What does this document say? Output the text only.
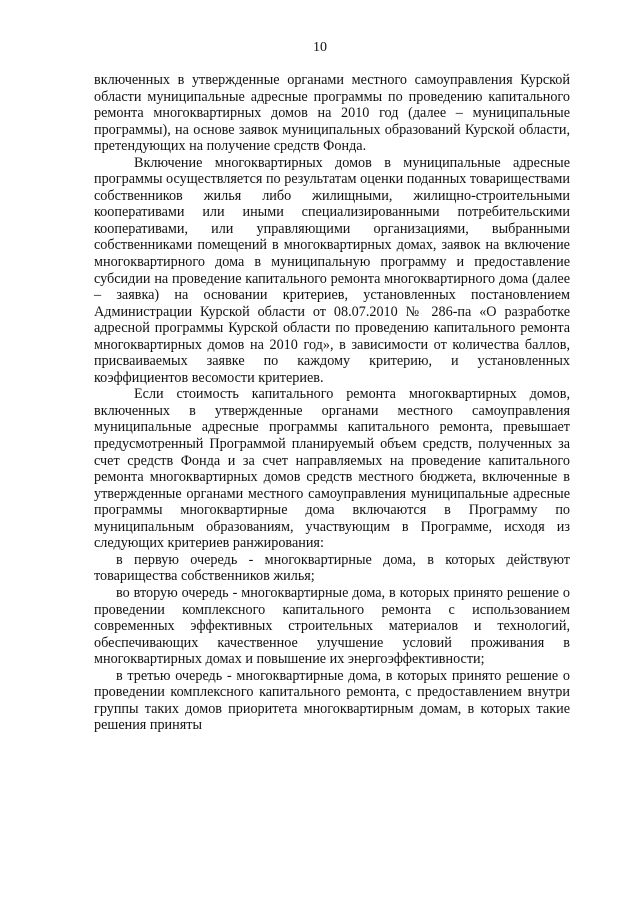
10

включенных в утвержденные органами местного самоуправления Курской области муниципальные адресные программы по проведению капитального ремонта многоквартирных домов на 2010 год (далее – муниципальные программы), на основе заявок муниципальных образований Курской области, претендующих на получение средств Фонда.

Включение многоквартирных домов в муниципальные адресные программы осуществляется по результатам оценки поданных товариществами собственников жилья либо жилищными, жилищно-строительными кооперативами или иными специализированными потребительскими кооперативами, или управляющими организациями, выбранными собственниками помещений в многоквартирных домах, заявок на включение многоквартирного дома в муниципальную программу и предоставление субсидии на проведение капитального ремонта многоквартирного дома (далее – заявка) на основании критериев, установленных постановлением Администрации Курской области от 08.07.2010 № 286-па «О разработке адресной программы Курской области по проведению капитального ремонта многоквартирных домов на 2010 год», в зависимости от количества баллов, присваиваемых заявке по каждому критерию, и установленных коэффициентов весомости критериев.

Если стоимость капитального ремонта многоквартирных домов, включенных в утвержденные органами местного самоуправления муниципальные адресные программы капитального ремонта, превышает предусмотренный Программой планируемый объем средств, полученных за счет средств Фонда и за счет направляемых на проведение капитального ремонта многоквартирных домов средств местного бюджета, включенные в утвержденные органами местного самоуправления муниципальные адресные программы многоквартирные дома включаются в Программу по муниципальным образованиям, участвующим в Программе, исходя из следующих критериев ранжирования:

в первую очередь - многоквартирные дома, в которых действуют товарищества собственников жилья;

во вторую очередь - многоквартирные дома, в которых принято решение о проведении комплексного капитального ремонта с использованием современных эффективных строительных материалов и технологий, обеспечивающих качественное улучшение условий проживания в многоквартирных домах и повышение их энергоэффективности;

в третью очередь - многоквартирные дома, в которых принято решение о проведении комплексного капитального ремонта, с предоставлением внутри группы таких домов приоритета многоквартирным домам, в которых такие решения приняты
